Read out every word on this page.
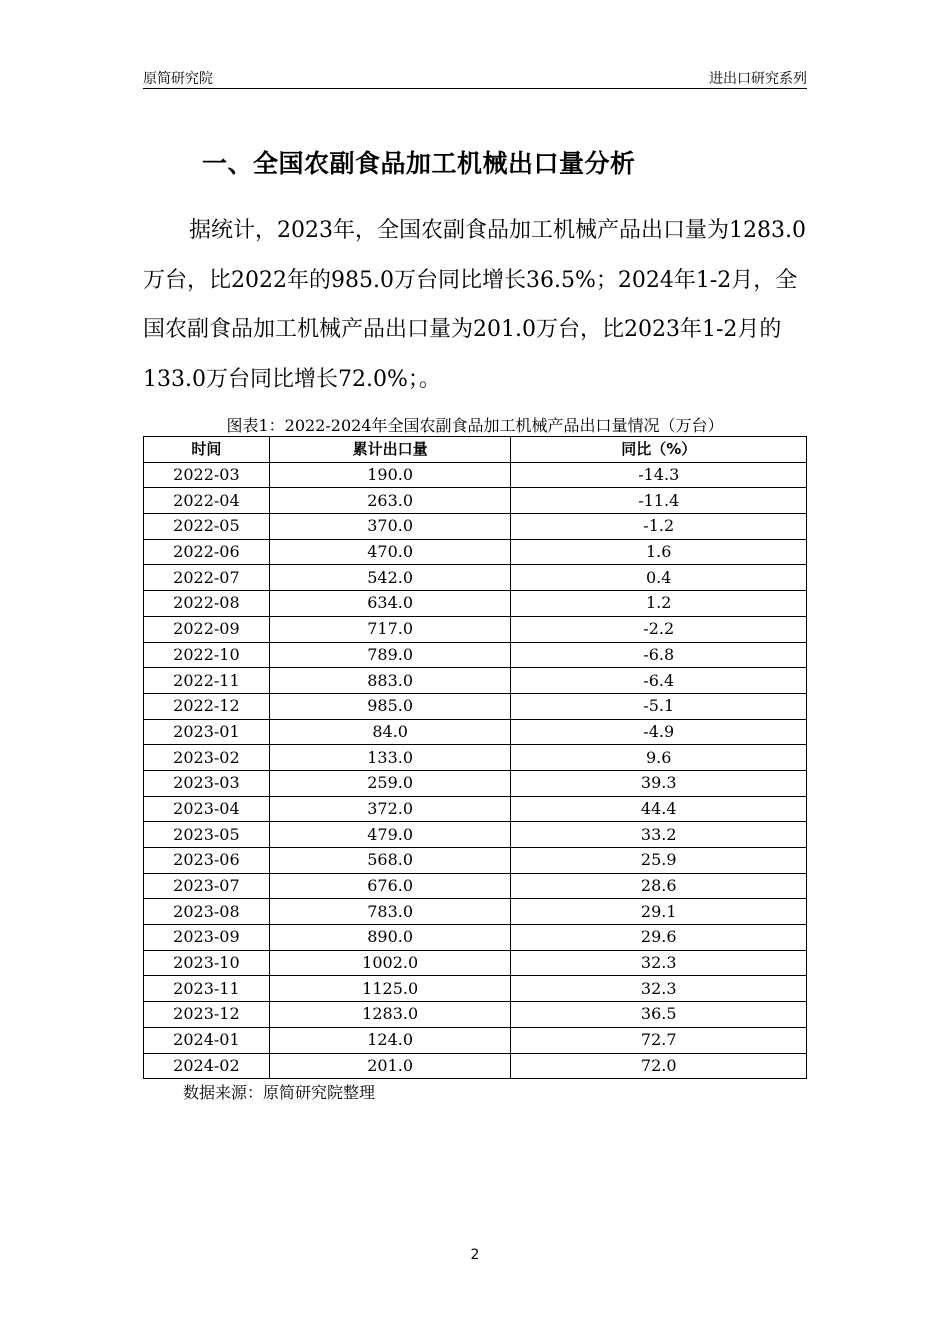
原简研究院	进出口研究系列
一、全国农副食品加工机械出口量分析

据统计，2023年，全国农副食品加工机械产品出口量为1283.0万台，比2022年的985.0万台同比增长36.5%；2024年1-2月，全国农副食品加工机械产品出口量为201.0万台，比2023年1-2月的133.0万台同比增长72.0%；。

图表1：2022-2024年全国农副食品加工机械产品出口量情况（万台）
时间	累计出口量	同比（%）
2022-03	190.0	-14.3
2022-04	263.0	-11.4
2022-05	370.0	-1.2
2022-06	470.0	1.6
2022-07	542.0	0.4
2022-08	634.0	1.2
2022-09	717.0	-2.2
2022-10	789.0	-6.8
2022-11	883.0	-6.4
2022-12	985.0	-5.1
2023-01	84.0	-4.9
2023-02	133.0	9.6
2023-03	259.0	39.3
2023-04	372.0	44.4
2023-05	479.0	33.2
2023-06	568.0	25.9
2023-07	676.0	28.6
2023-08	783.0	29.1
2023-09	890.0	29.6
2023-10	1002.0	32.3
2023-11	1125.0	32.3
2023-12	1283.0	36.5
2024-01	124.0	72.7
2024-02	201.0	72.0
数据来源：原简研究院整理
2
